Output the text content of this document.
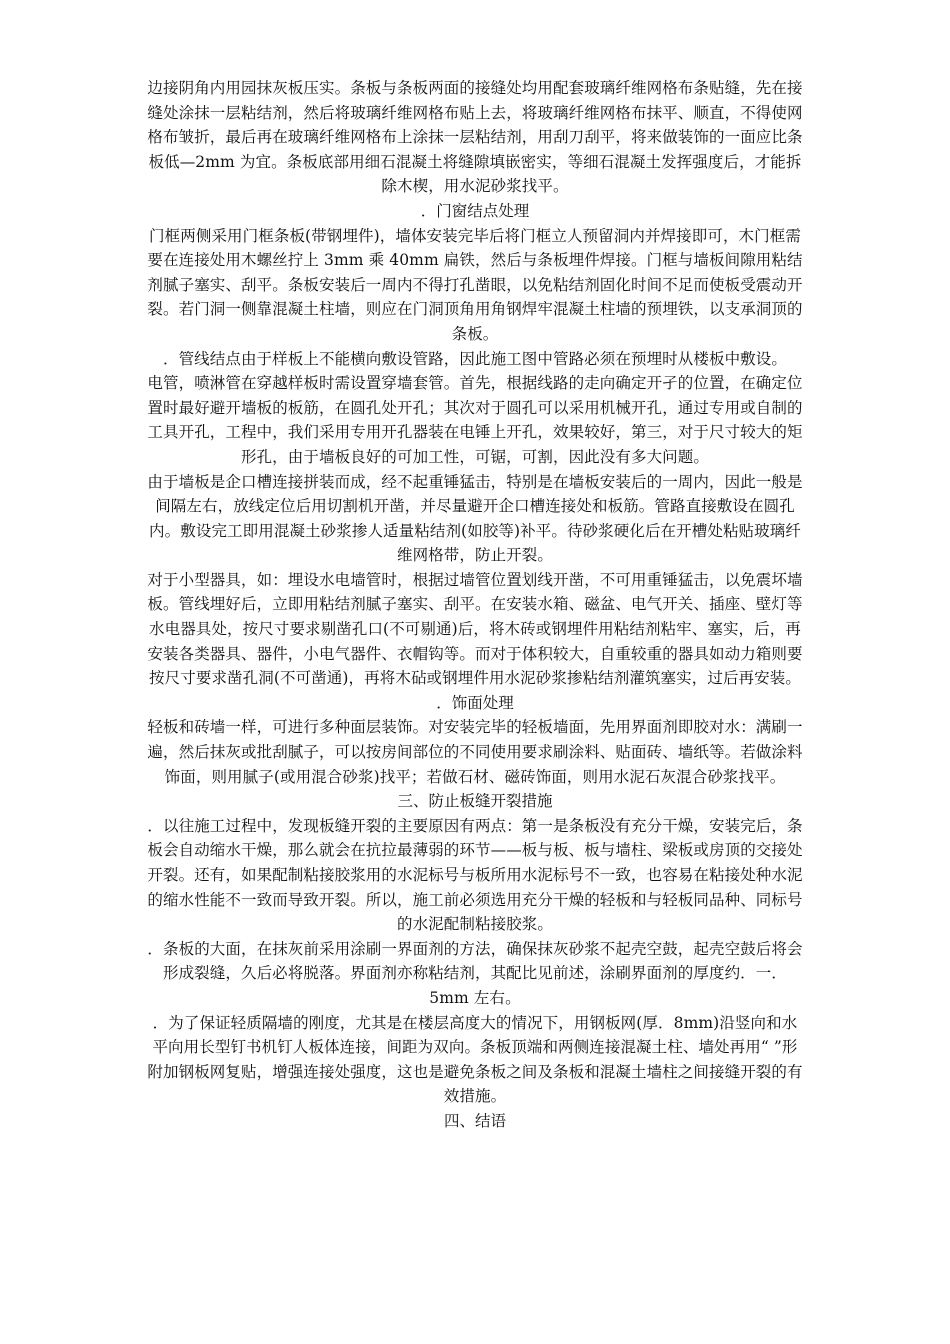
边接阴角内用园抹灰板压实。条板与条板两面的接缝处均用配套玻璃纤维网格布条贴缝，先在接缝处涂抹一层粘结剂，然后将玻璃纤维网格布贴上去，将玻璃纤维网格布抹平、顺直，不得使网格布皱折，最后再在玻璃纤维网格布上涂抹一层粘结剂，用刮刀刮平，将来做装饰的一面应比条板低—2mm 为宜。条板底部用细石混凝土将缝隙填嵌密实，等细石混凝土发挥强度后，才能拆除木楔，用水泥砂浆找平。

．门窗结点处理

门框两侧采用门框条板(带钢埋件)，墙体安装完毕后将门框立人预留洞内并焊接即可，木门框需要在连接处用木螺丝拧上 3mm 乘 40mm 扁铁，然后与条板埋件焊接。门框与墙板间隙用粘结剂腻子塞实、刮平。条板安装后一周内不得打孔凿眼，以免粘结剂固化时间不足而使板受震动开裂。若门洞一侧靠混凝土柱墙，则应在门洞顶角用角钢焊牢混凝土柱墙的预埋铁，以支承洞顶的条板。

．管线结点由于样板上不能横向敷设管路，因此施工图中管路必须在预埋时从楼板中敷设。

电管，喷淋管在穿越样板时需设置穿墙套管。首先，根据线路的走向确定开孑的位置，在确定位置时最好避开墙板的板筋，在圆孔处开孔；其次对于圆孔可以采用机械开孔，通过专用或自制的工具开孔，工程中，我们采用专用开孔器装在电锤上开孔，效果较好，第三，对于尺寸较大的矩形孔，由于墙板良好的可加工性，可锯，可割，因此没有多大问题。

由于墙板是企口槽连接拼装而成，经不起重锤猛击，特别是在墙板安装后的一周内，因此一般是间隔左右，放线定位后用切割机开凿，并尽量避开企口槽连接处和板筋。管路直接敷设在圆孔内。敷设完工即用混凝土砂浆掺人适量粘结剂(如胶等)补平。待砂浆硬化后在开槽处粘贴玻璃纤维网格带，防止开裂。

对于小型器具，如：埋设水电墙管时，根据过墙管位置划线开凿，不可用重锤猛击，以免震坏墙板。管线埋好后，立即用粘结剂腻子塞实、刮平。在安装水箱、磁盆、电气开关、插座、壁灯等水电器具处，按尺寸要求剔凿孔口(不可剔通)后，将木砖或钢埋件用粘结剂粘牢、塞实，后，再安装各类器具、器件，小电气器件、衣帽钩等。而对于体积较大，自重较重的器具如动力箱则要按尺寸要求凿孔洞(不可凿通)，再将木砧或钢埋件用水泥砂浆掺粘结剂灌筑塞实，过后再安装。

．饰面处理

轻板和砖墙一样，可进行多种面层装饰。对安装完毕的轻板墙面，先用界面剂即胶对水：满刷一遍，然后抹灰或批刮腻子，可以按房间部位的不同使用要求刷涂料、贴面砖、墙纸等。若做涂料饰面，则用腻子(或用混合砂浆)找平；若做石材、磁砖饰面，则用水泥石灰混合砂浆找平。

三、防止板缝开裂措施

．以往施工过程中，发现板缝开裂的主要原因有两点：第一是条板没有充分干燥，安装完后，条板会自动缩水干燥，那么就会在抗拉最薄弱的环节——板与板、板与墙柱、梁板或房顶的交接处开裂。还有，如果配制粘接胶浆用的水泥标号与板所用水泥标号不一致，也容易在粘接处种水泥的缩水性能不一致而导致开裂。所以，施工前必须选用充分干燥的轻板和与轻板同品种、同标号的水泥配制粘接胶浆。

．条板的大面，在抹灰前采用涂刷一界面剂的方法，确保抹灰砂浆不起壳空鼓，起壳空鼓后将会形成裂缝，久后必将脱落。界面剂亦称粘结剂，其配比见前述，涂刷界面剂的厚度约．一．5mm 左右。

．为了保证轻质隔墙的刚度，尤其是在楼层高度大的情况下，用钢板网(厚．8mm)沿竖向和水平向用长型钉书机钉人板体连接，间距为双向。条板顶端和两侧连接混凝土柱、墙处再用“ ”形附加钢板网复贴，增强连接处强度，这也是避免条板之间及条板和混凝土墙柱之间接缝开裂的有效措施。

四、结语
